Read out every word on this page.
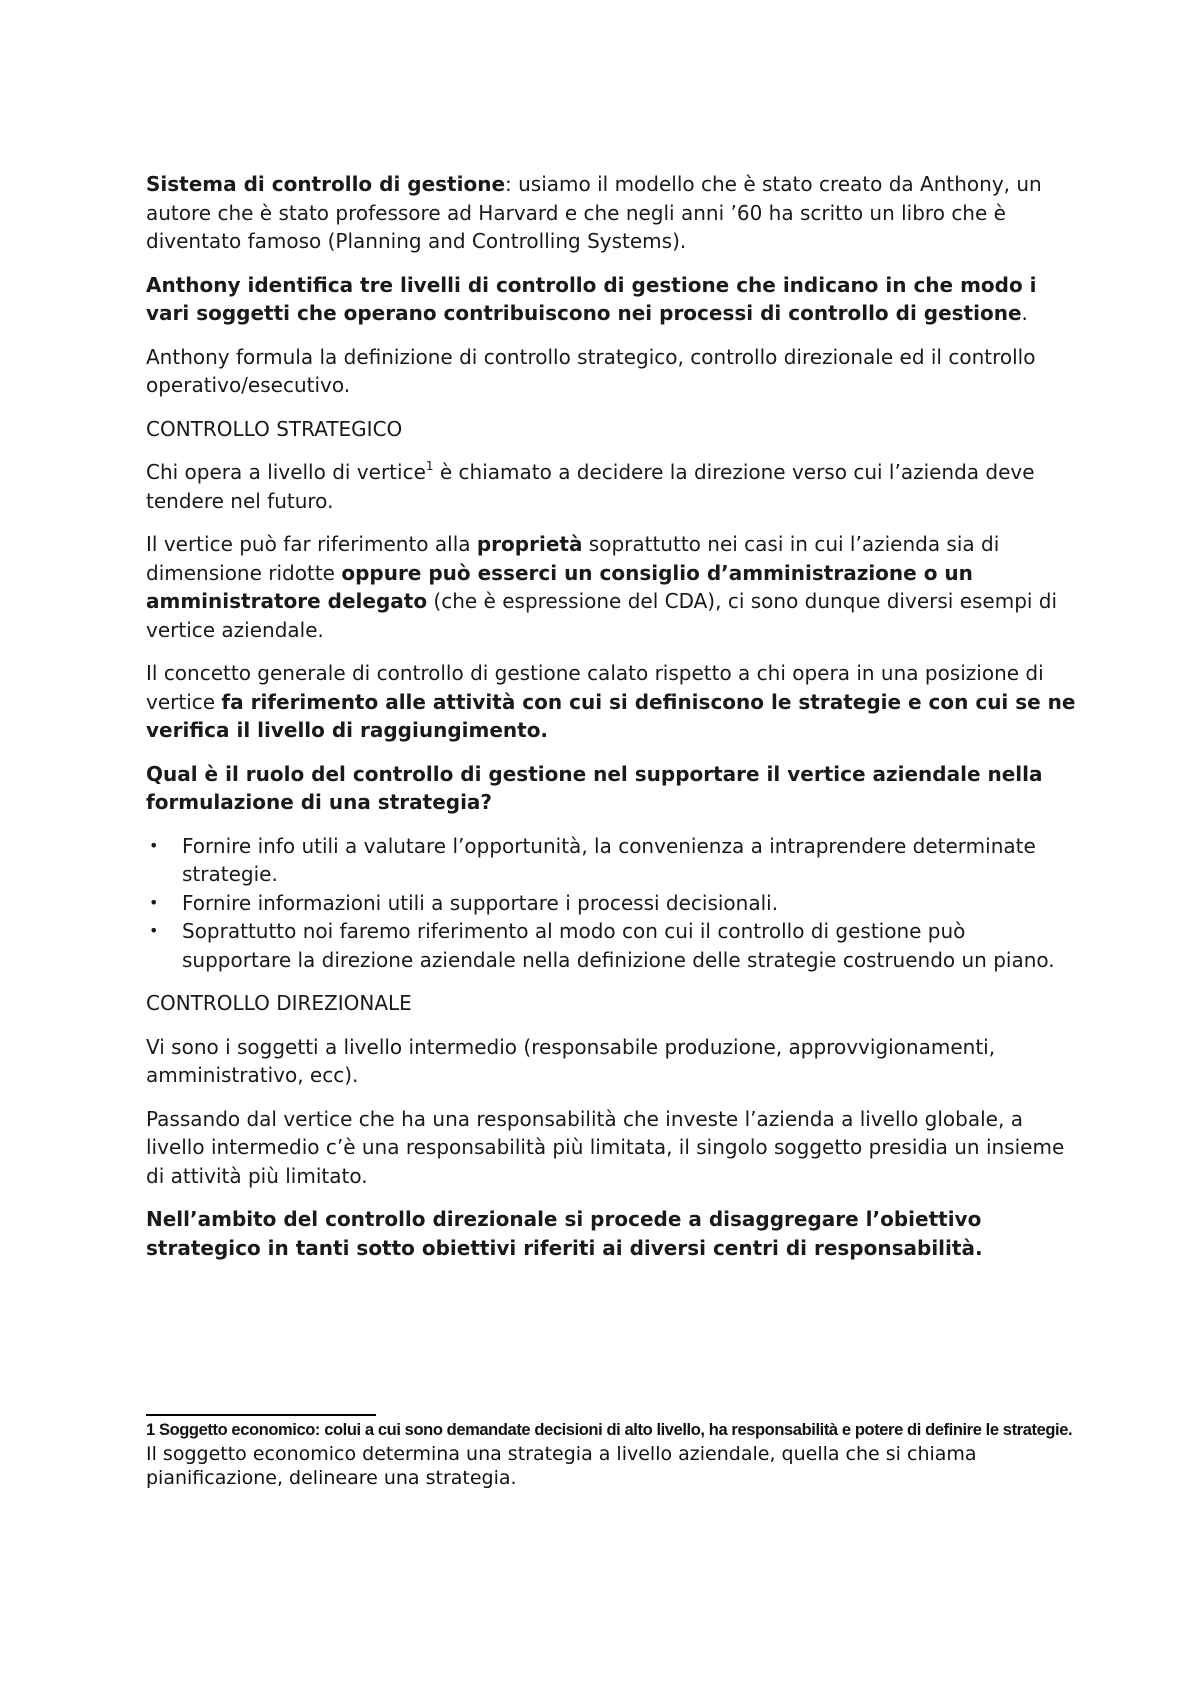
Sistema di controllo di gestione: usiamo il modello che è stato creato da Anthony, un autore che è stato professore ad Harvard e che negli anni ’60 ha scritto un libro che è diventato famoso (Planning and Controlling Systems).

Anthony identifica tre livelli di controllo di gestione che indicano in che modo i vari soggetti che operano contribuiscono nei processi di controllo di gestione.

Anthony formula la definizione di controllo strategico, controllo direzionale ed il controllo operativo/esecutivo.

CONTROLLO STRATEGICO

Chi opera a livello di vertice$^1$ è chiamato a decidere la direzione verso cui l’azienda deve tendere nel futuro.

Il vertice può far riferimento alla proprietà soprattutto nei casi in cui l’azienda sia di dimensione ridotte oppure può esserci un consiglio d’amministrazione o un amministratore delegato (che è espressione del CDA), ci sono dunque diversi esempi di vertice aziendale.

Il concetto generale di controllo di gestione calato rispetto a chi opera in una posizione di vertice fa riferimento alle attività con cui si definiscono le strategie e con cui se ne verifica il livello di raggiungimento.

Qual è il ruolo del controllo di gestione nel supportare il vertice aziendale nella formulazione di una strategia?

• Fornire info utili a valutare l’opportunità, la convenienza a intraprendere determinate strategie.
• Fornire informazioni utili a supportare i processi decisionali.
• Soprattutto noi faremo riferimento al modo con cui il controllo di gestione può supportare la direzione aziendale nella definizione delle strategie costruendo un piano.

CONTROLLO DIREZIONALE

Vi sono i soggetti a livello intermedio (responsabile produzione, approvvigionamenti, amministrativo, ecc).

Passando dal vertice che ha una responsabilità che investe l’azienda a livello globale, a livello intermedio c’è una responsabilità più limitata, il singolo soggetto presidia un insieme di attività più limitato.

Nell’ambito del controllo direzionale si procede a disaggregare l’obiettivo strategico in tanti sotto obiettivi riferiti ai diversi centri di responsabilità.

1 Soggetto economico: colui a cui sono demandate decisioni di alto livello, ha responsabilità e potere di definire le strategie.
Il soggetto economico determina una strategia a livello aziendale, quella che si chiama pianificazione, delineare una strategia.
